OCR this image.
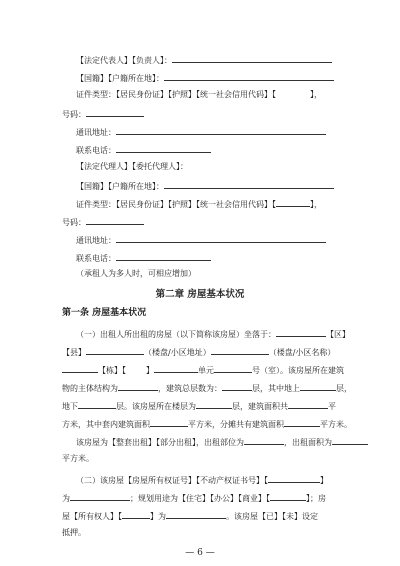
【法定代表人】【负责人】：
【国籍】【户籍所在地】：
证件类型：【居民身份证】【护照】【统一社会信用代码】【	】，
号码：
通讯地址：
联系电话：
【法定代理人】【委托代理人】：
【国籍】【户籍所在地】：
证件类型：【居民身份证】【护照】【统一社会信用代码】【	】，
号码：
通讯地址：
联系电话：
（承租人为多人时，可相应增加）
第二章 房屋基本状况
第一条 房屋基本状况
（一）出租人所出租的房屋（以下简称该房屋）坐落于：	【区】
【县】	（楼盘/小区地址）	（楼盘/小区名称）
【栋】【	】	单元	号（室）。该房屋所在建筑
物的主体结构为	，建筑总层数为：	层，其中地上	层，
地下	层。该房屋所在楼层为	层，建筑面积共	平
方米，其中套内建筑面积	平方米，分摊共有建筑面积	平方米。
该房屋为【整套出租】【部分出租】，出租部位为	，出租面积为
平方米。
（二）该房屋【房屋所有权证号】【不动产权证书号】【	】
为	；规划用途为【住宅】【办公】【商业】【	】；房
屋【所有权人】【	】为	。该房屋【已】【未】设定
抵押。
— 6 —
